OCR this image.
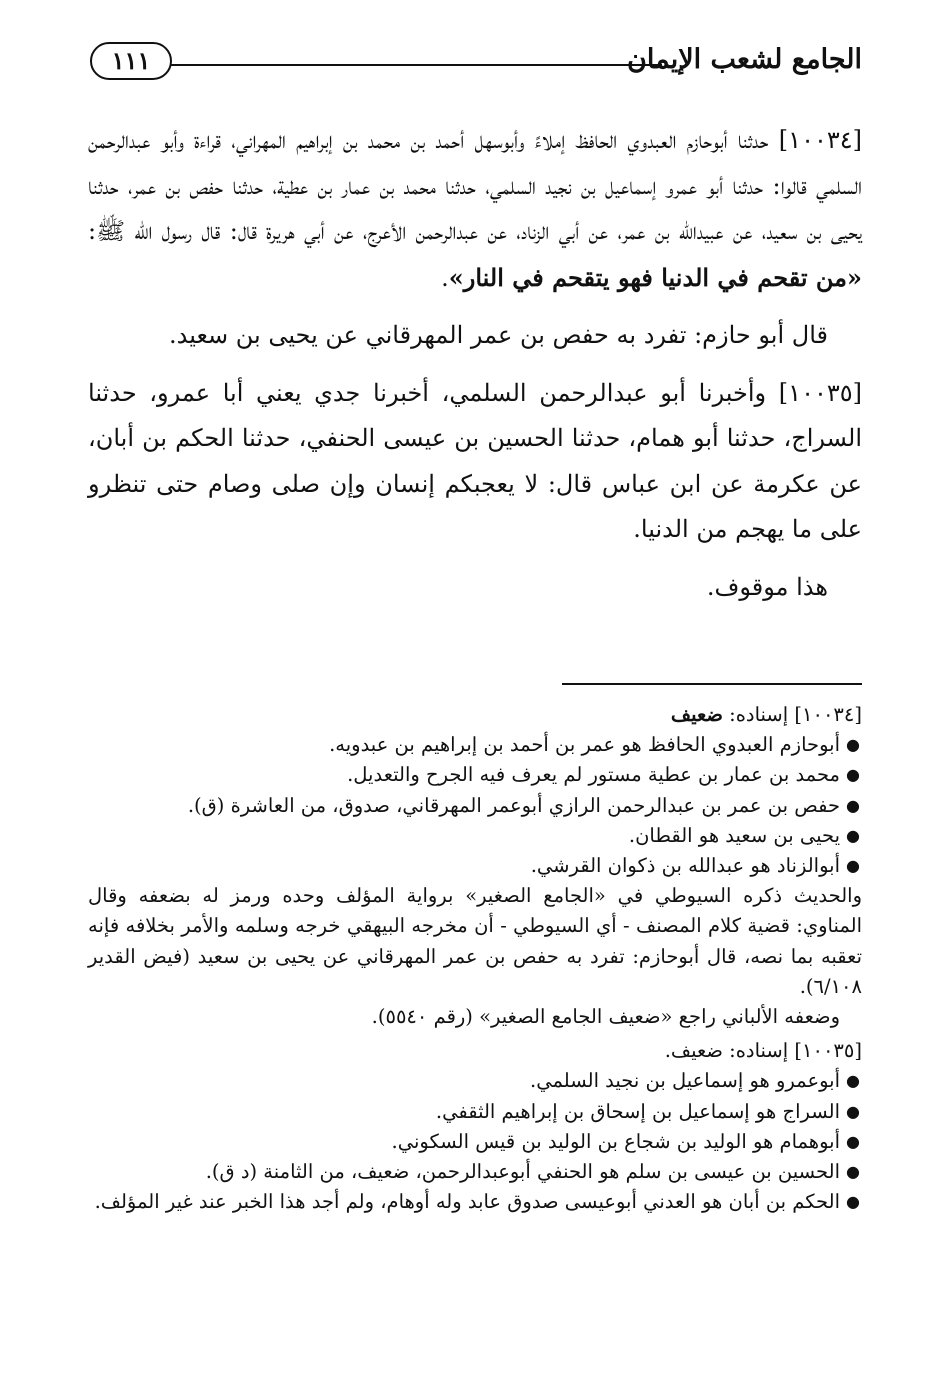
الجامع لشعب الإيمان
١١١

[١٠٠٣٤] حدثنا أبوحازم العبدوي الحافظ إملاءً وأبوسهل أحمد بن محمد بن إبراهيم المهراني، قراءة وأبو عبدالرحمن السلمي قالوا: حدثنا أبو عمرو إسماعيل بن نجيد السلمي، حدثنا محمد بن عمار بن عطية، حدثنا حفص بن عمر، حدثنا يحيى بن سعيد، عن عبيدالله بن عمر، عن أبي الزناد، عن عبدالرحمن الأعرج، عن أبي هريرة قال: قال رسول الله ﷺ: «من تقحم في الدنيا فهو يتقحم في النار».

قال أبو حازم: تفرد به حفص بن عمر المهرقاني عن يحيى بن سعيد.

[١٠٠٣٥] وأخبرنا أبو عبدالرحمن السلمي، أخبرنا جدي يعني أبا عمرو، حدثنا السراج، حدثنا أبو همام، حدثنا الحسين بن عيسى الحنفي، حدثنا الحكم بن أبان، عن عكرمة عن ابن عباس قال: لا يعجبكم إنسان وإن صلى وصام حتى تنظرو على ما يهجم من الدنيا.

هذا موقوف.

[١٠٠٣٤] إسناده: ضعيف

●
أبوحازم العبدوي الحافظ هو عمر بن أحمد بن إبراهيم بن عبدويه.
●
محمد بن عمار بن عطية مستور لم يعرف فيه الجرح والتعديل.
●
حفص بن عمر بن عبدالرحمن الرازي أبوعمر المهرقاني، صدوق، من العاشرة (ق).
●
يحيى بن سعيد هو القطان.
●
أبوالزناد هو عبدالله بن ذكوان القرشي.

والحديث ذكره السيوطي في «الجامع الصغير» برواية المؤلف وحده ورمز له بضعفه وقال المناوي: قضية كلام المصنف - أي السيوطي - أن مخرجه البيهقي خرجه وسلمه والأمر بخلافه فإنه تعقبه بما نصه، قال أبوحازم: تفرد به حفص بن عمر المهرقاني عن يحيى بن سعيد (فيض القدير ٦/١٠٨).

وضعفه الألباني راجع «ضعيف الجامع الصغير» (رقم ٥٥٤٠).

[١٠٠٣٥] إسناده: ضعيف.

●
أبوعمرو هو إسماعيل بن نجيد السلمي.
●
السراج هو إسماعيل بن إسحاق بن إبراهيم الثقفي.
●
أبوهمام هو الوليد بن شجاع بن الوليد بن قيس السكوني.
●
الحسين بن عيسى بن سلم هو الحنفي أبوعبدالرحمن، ضعيف، من الثامنة (د ق).
●
الحكم بن أبان هو العدني أبوعيسى صدوق عابد وله أوهام، ولم أجد هذا الخبر عند غير المؤلف.
